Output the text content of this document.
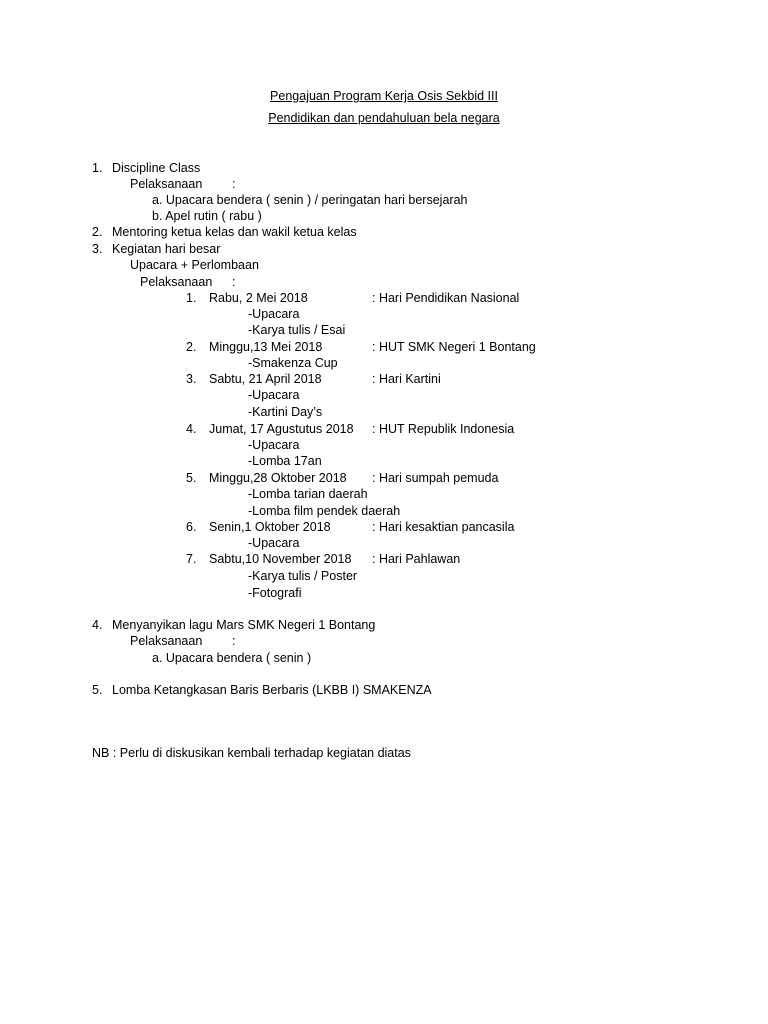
Pengajuan Program Kerja Osis Sekbid III
Pendidikan dan pendahuluan bela negara
1. Discipline Class
Pelaksanaan :
a. Upacara bendera ( senin ) / peringatan hari bersejarah
b. Apel rutin ( rabu )
2. Mentoring ketua kelas dan wakil ketua kelas
3. Kegiatan hari besar
Upacara + Perlombaan
Pelaksanaan :
1. Rabu, 2 Mei 2018	: Hari Pendidikan Nasional
-Upacara
-Karya tulis / Esai
2. Minggu,13 Mei 2018	: HUT SMK Negeri 1 Bontang
-Smakenza Cup
3. Sabtu, 21 April 2018	: Hari Kartini
-Upacara
-Kartini Day’s
4. Jumat, 17 Agustutus 2018 : HUT Republik Indonesia
-Upacara
-Lomba 17an
5. Minggu,28 Oktober 2018 : Hari sumpah pemuda
-Lomba tarian daerah
-Lomba film pendek daerah
6. Senin,1 Oktober 2018	: Hari kesaktian pancasila
-Upacara
7. Sabtu,10 November 2018 : Hari Pahlawan
-Karya tulis / Poster
-Fotografi
4. Menyanyikan lagu Mars SMK Negeri 1 Bontang
Pelaksanaan :
a. Upacara bendera ( senin )
5. Lomba Ketangkasan Baris Berbaris (LKBB I) SMAKENZA
NB : Perlu di diskusikan kembali terhadap kegiatan diatas
